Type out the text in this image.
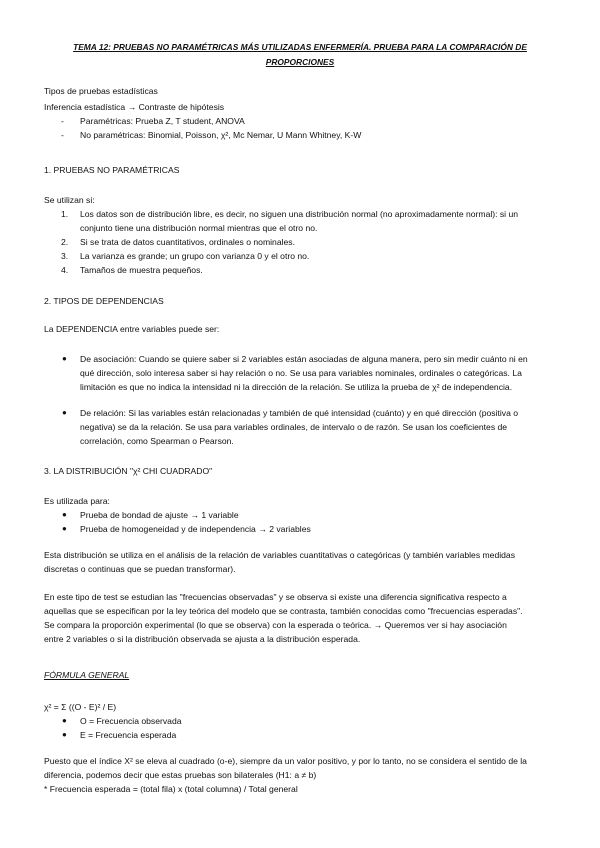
TEMA 12: PRUEBAS NO PARAMÉTRICAS MÁS UTILIZADAS ENFERMERÍA. PRUEBA PARA LA COMPARACIÓN DE
PROPORCIONES
Tipos de pruebas estadísticas
Inferencia estadística → Contraste de hipótesis
-	Paramétricas: Prueba Z, T student, ANOVA
-	No paramétricas: Binomial, Poisson, χ², Mc Nemar, U Mann Whitney, K-W
1. PRUEBAS NO PARAMÉTRICAS
Se utilizan si:
1.	Los datos son de distribución libre, es decir, no siguen una distribución normal (no aproximadamente normal): si un
conjunto tiene una distribución normal mientras que el otro no.
2.	Si se trata de datos cuantitativos, ordinales o nominales.
3.	La varianza es grande; un grupo con varianza 0 y el otro no.
4.	Tamaños de muestra pequeños.
2. TIPOS DE DEPENDENCIAS
La DEPENDENCIA entre variables puede ser:
●	De asociación: Cuando se quiere saber si 2 variables están asociadas de alguna manera, pero sin medir cuánto ni en
qué dirección, solo interesa saber si hay relación o no. Se usa para variables nominales, ordinales o categóricas. La
limitación es que no indica la intensidad ni la dirección de la relación. Se utiliza la prueba de χ² de independencia.
●	De relación: Si las variables están relacionadas y también de qué intensidad (cuánto) y en qué dirección (positiva o
negativa) se da la relación. Se usa para variables ordinales, de intervalo o de razón. Se usan los coeficientes de
correlación, como Spearman o Pearson.
3. LA DISTRIBUCIÓN "χ² CHI CUADRADO"
Es utilizada para:
●	Prueba de bondad de ajuste → 1 variable
●	Prueba de homogeneidad y de independencia → 2 variables
Esta distribución se utiliza en el análisis de la relación de variables cuantitativas o categóricas (y también variables medidas
discretas o continuas que se puedan transformar).
En este tipo de test se estudian las "frecuencias observadas" y se observa si existe una diferencia significativa respecto a
aquellas que se especifican por la ley teórica del modelo que se contrasta, también conocidas como "frecuencias esperadas".
Se compara la proporción experimental (lo que se observa) con la esperada o teórica. → Queremos ver si hay asociación
entre 2 variables o si la distribución observada se ajusta a la distribución esperada.
FÓRMULA GENERAL
χ² = Σ ((O - E)² / E)
●	O = Frecuencia observada
●	E = Frecuencia esperada
Puesto que el índice X² se eleva al cuadrado (o-e), siempre da un valor positivo, y por lo tanto, no se considera el sentido de la
diferencia, podemos decir que estas pruebas son bilaterales (H1: a ≠ b)
* Frecuencia esperada = (total fila) x (total columna) / Total general
